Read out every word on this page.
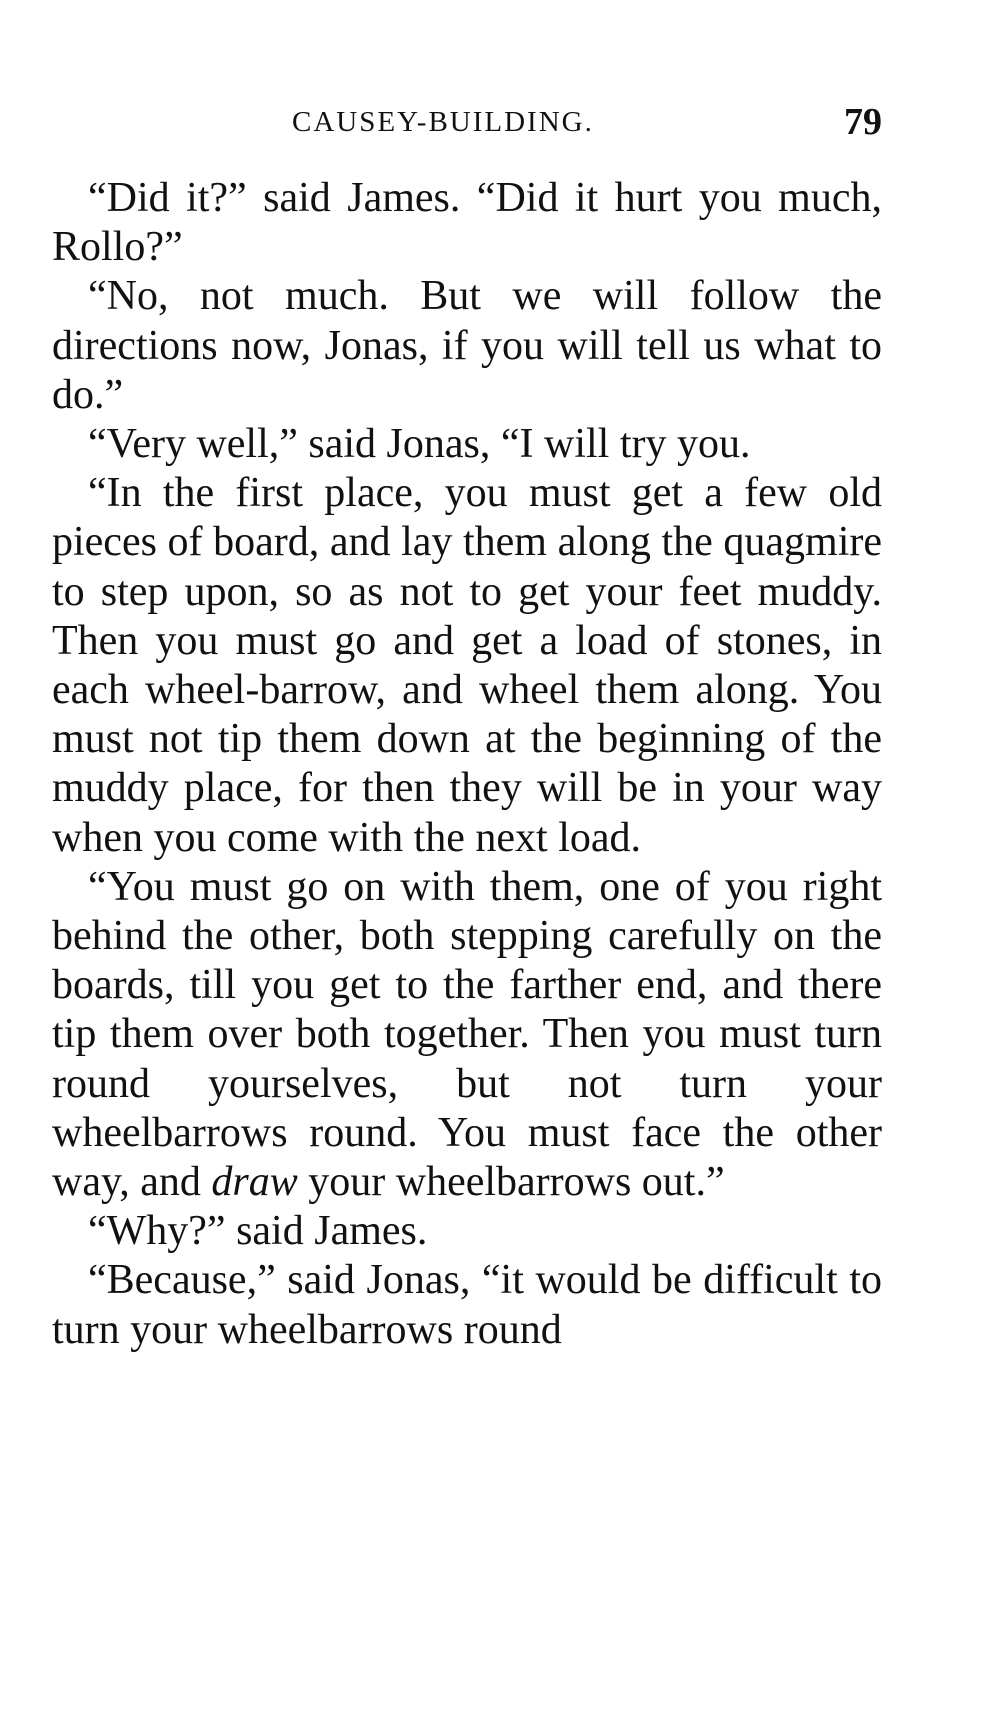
CAUSEY-BUILDING.	79

“Did it?” said James. “Did it hurt you much, Rollo?”

“No, not much. But we will follow the directions now, Jonas, if you will tell us what to do.”

“Very well,” said Jonas, “I will try you.

“In the first place, you must get a few old pieces of board, and lay them along the quagmire to step upon, so as not to get your feet muddy. Then you must go and get a load of stones, in each wheel-barrow, and wheel them along. You must not tip them down at the beginning of the muddy place, for then they will be in your way when you come with the next load.

“You must go on with them, one of you right behind the other, both stepping carefully on the boards, till you get to the farther end, and there tip them over both together. Then you must turn round yourselves, but not turn your wheelbarrows round. You must face the other way, and draw your wheelbarrows out.”

“Why?” said James.

“Because,” said Jonas, “it would be difficult to turn your wheelbarrows round
